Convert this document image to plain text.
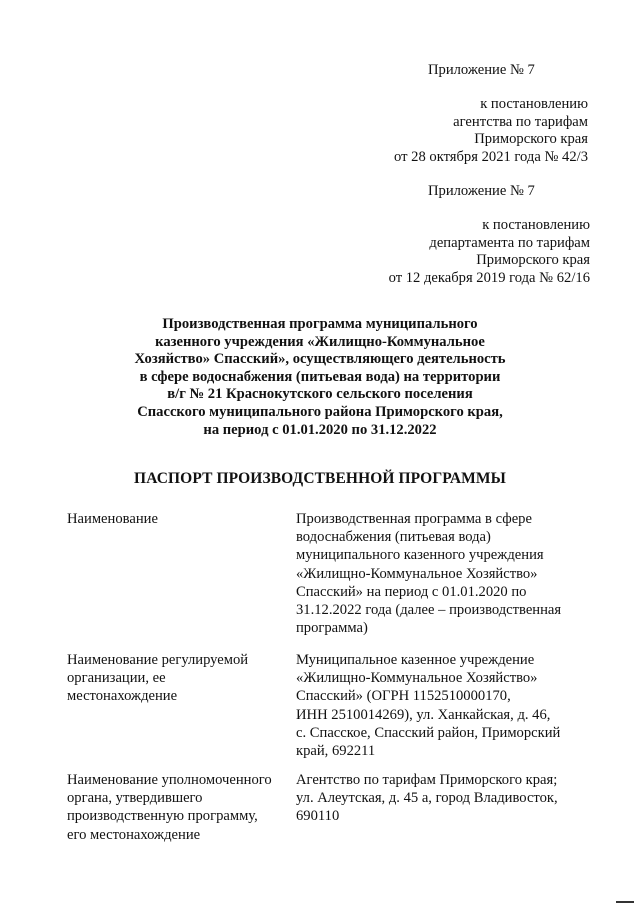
Приложение № 7
к постановлению
агентства по тарифам
Приморского края
от 28 октября 2021 года № 42/3
Приложение № 7
к постановлению
департамента по тарифам
Приморского края
от 12 декабря 2019 года № 62/16
Производственная программа муниципального
казенного учреждения «Жилищно-Коммунальное
Хозяйство» Спасский», осуществляющего деятельность
в сфере водоснабжения (питьевая вода) на территории
в/г № 21 Краснокутского сельского поселения
Спасского муниципального района Приморского края,
на период с 01.01.2020 по 31.12.2022
ПАСПОРТ ПРОИЗВОДСТВЕННОЙ ПРОГРАММЫ
Наименование	Производственная программа в сфере
водоснабжения (питьевая вода)
муниципального казенного учреждения
«Жилищно-Коммунальное Хозяйство»
Спасский» на период с 01.01.2020 по
31.12.2022 года (далее – производственная
программа)
Наименование регулируемой
организации, ее
местонахождение
Муниципальное казенное учреждение
«Жилищно-Коммунальное Хозяйство»
Спасский» (ОГРН 1152510000170,
ИНН 2510014269), ул. Ханкайская, д. 46,
с. Спасское, Спасский район, Приморский
край, 692211
Наименование уполномоченного
органа, утвердившего
производственную программу,
его местонахождение
Агентство по тарифам Приморского края;
ул. Алеутская, д. 45 а, город Владивосток,
690110
